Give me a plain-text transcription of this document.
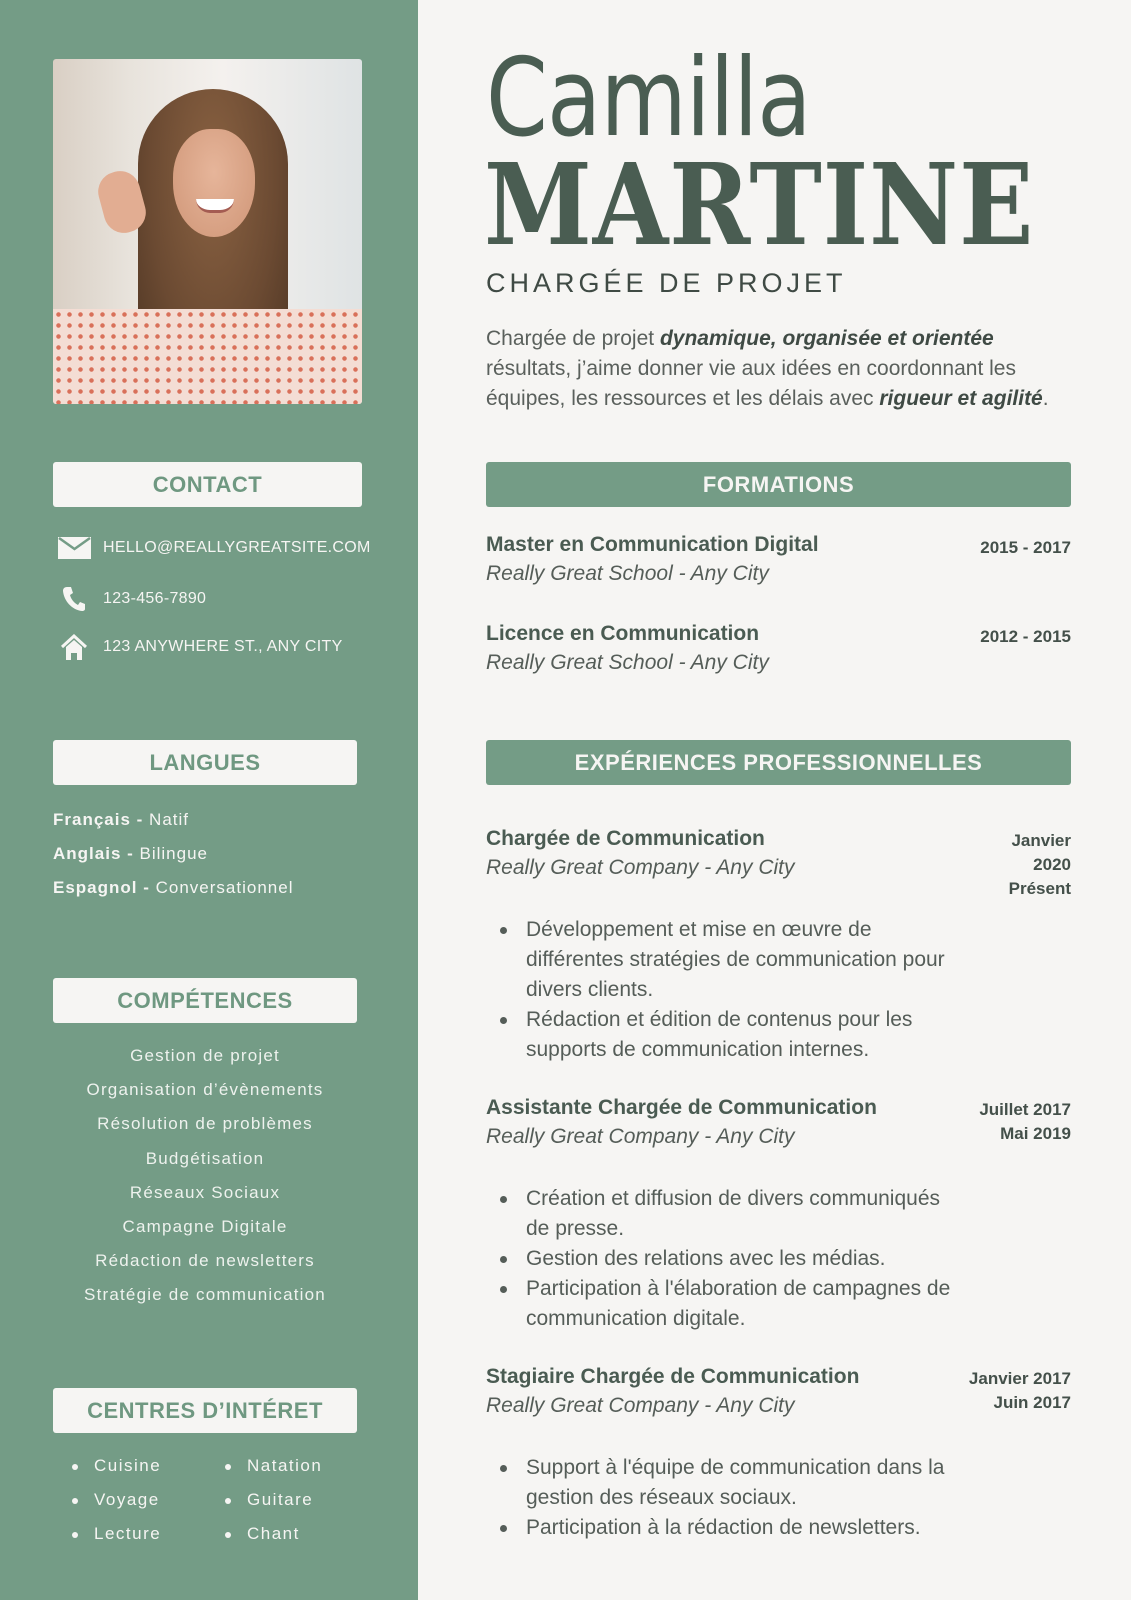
CONTACT
HELLO@REALLYGREATSITE.COM
123-456-7890
123 ANYWHERE ST., ANY CITY
LANGUES
Français - Natif
Anglais - Bilingue
Espagnol - Conversationnel
COMPÉTENCES
Gestion de projet
Organisation d’évènements
Résolution de problèmes
Budgétisation
Réseaux Sociaux
Campagne Digitale
Rédaction de newsletters
Stratégie de communication
CENTRES D’INTÉRET
Cuisine
Voyage
Lecture
Natation
Guitare
Chant
Camilla
MARTINE
CHARGÉE DE PROJET
Chargée de projet dynamique, organisée et orientée résultats, j’aime donner vie aux idées en coordonnant les équipes, les ressources et les délais avec rigueur et agilité.
FORMATIONS
Master en Communication Digital
Really Great School - Any City
2015 - 2017
Licence en Communication
Really Great School - Any City
2012 - 2015
EXPÉRIENCES PROFESSIONNELLES
Chargée de Communication
Really Great Company - Any City
Janvier
2020
Présent
Développement et mise en œuvre de différentes stratégies de communication pour divers clients.
Rédaction et édition de contenus pour les supports de communication internes.
Assistante Chargée de Communication
Really Great Company - Any City
Juillet 2017
Mai 2019
Création et diffusion de divers communiqués de presse.
Gestion des relations avec les médias.
Participation à l'élaboration de campagnes de communication digitale.
Stagiaire Chargée de Communication
Really Great Company - Any City
Janvier 2017
Juin 2017
Support à l'équipe de communication dans la gestion des réseaux sociaux.
Participation à la rédaction de newsletters.
